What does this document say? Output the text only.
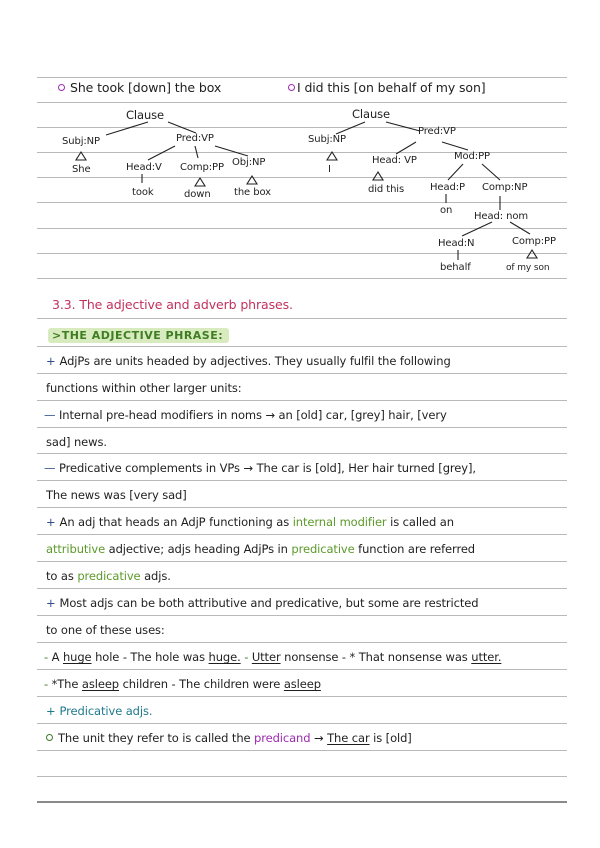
She took [down] the box
Clause
Subj:NP	Pred:VP
She	Head:V Comp:PP Obj:NP
took	down the box
I did this [on behalf of my son]
Clause
Subj:NP
Pred:VP
I
Head: VP	Mod:PP
did this	Head:P Comp:NP
on
Head: nom
Head:N	Comp:PP
behalf	of my son
3.3. The adjective and adverb phrases.
>THE ADJECTIVE PHRASE:
+ AdjPs are units headed by adjectives. They usually fulfil the following
functions within other larger units:
— Internal pre-head modifiers in noms → an [old] car, [grey] hair, [very
sad] news.
— Predicative complements in VPs → The car is [old], Her hair turned [grey],
The news was [very sad]
+ An adj that heads an AdjP functioning as internal modifier is called an
attributive adjective; adjs heading AdjPs in predicative function are referred
to as predicative adjs.
+ Most adjs can be both attributive and predicative, but some are restricted
to one of these uses:
- A huge hole - The hole was huge. - Utter nonsense - * That nonsense was utter.
- *The asleep children - The children were asleep
+ Predicative adjs.
The unit they refer to is called the predicand → The car is [old]
